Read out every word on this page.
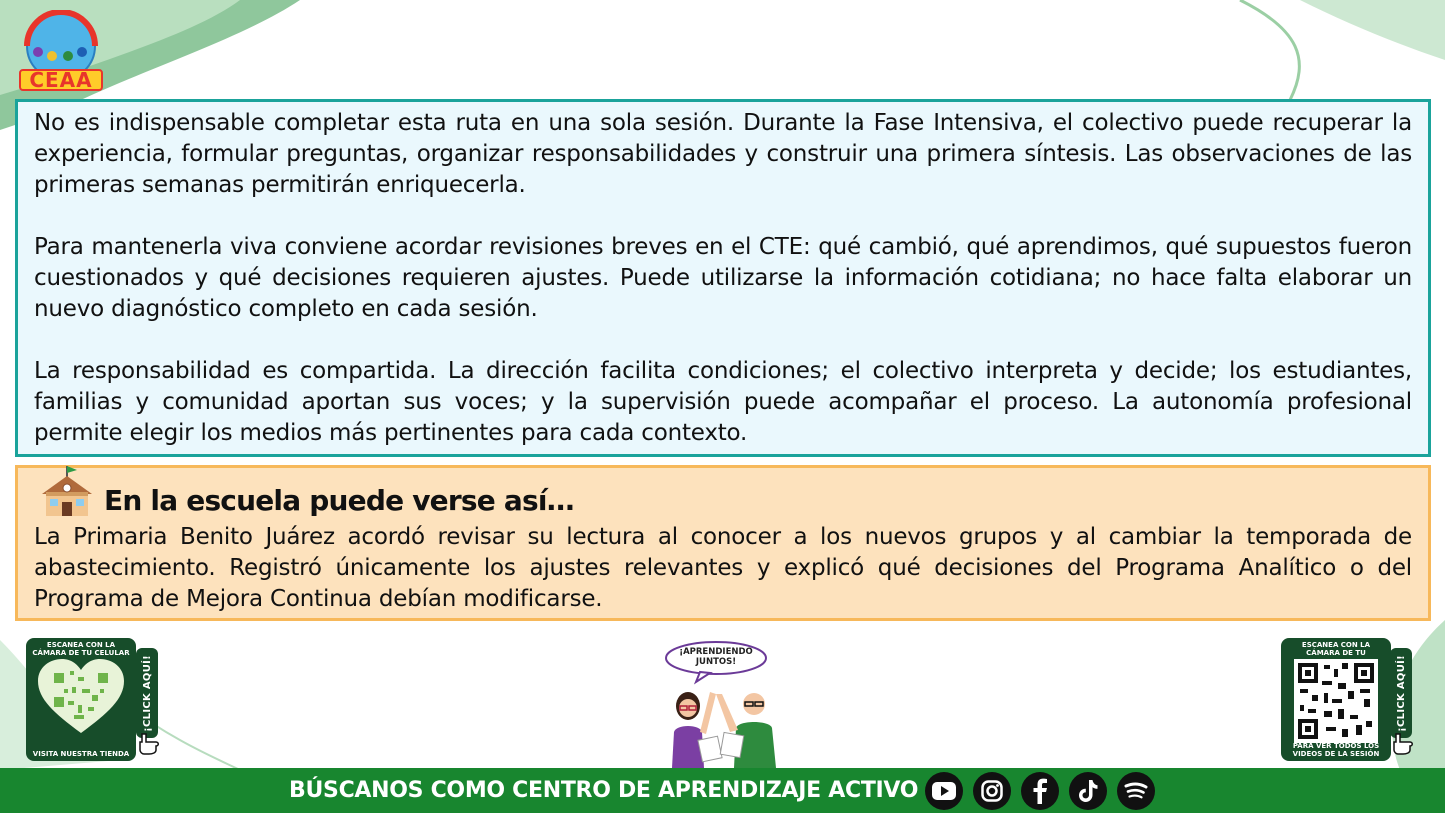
CEAA

No es indispensable completar esta ruta en una sola sesión. Durante la Fase Intensiva, el colectivo puede recuperar la experiencia, formular preguntas, organizar responsabilidades y construir una primera síntesis. Las observaciones de las primeras semanas permitirán enriquecerla.

Para mantenerla viva conviene acordar revisiones breves en el CTE: qué cambió, qué aprendimos, qué supuestos fueron cuestionados y qué decisiones requieren ajustes. Puede utilizarse la información cotidiana; no hace falta elaborar un nuevo diagnóstico completo en cada sesión.

La responsabilidad es compartida. La dirección facilita condiciones; el colectivo interpreta y decide; los estudiantes, familias y comunidad aportan sus voces; y la supervisión puede acompañar el proceso. La autonomía profesional permite elegir los medios más pertinentes para cada contexto.

En la escuela puede verse así…
La Primaria Benito Juárez acordó revisar su lectura al conocer a los nuevos grupos y al cambiar la temporada de abastecimiento. Registró únicamente los ajustes relevantes y explicó qué decisiones del Programa Analítico o del Programa de Mejora Continua debían modificarse.
ESCANEA CON LA CÁMARA DE TU CELULAR
VISITA NUESTRA TIENDA
¡CLICK AQUÍ!
ESCANEA CON LA CÁMARA DE TU
PARA VER TODOS LOS VIDEOS DE LA SESIÓN
¡CLICK AQUÍ!
¡APRENDIENDO JUNTOS!
BÚSCANOS COMO CENTRO DE APRENDIZAJE ACTIVO
